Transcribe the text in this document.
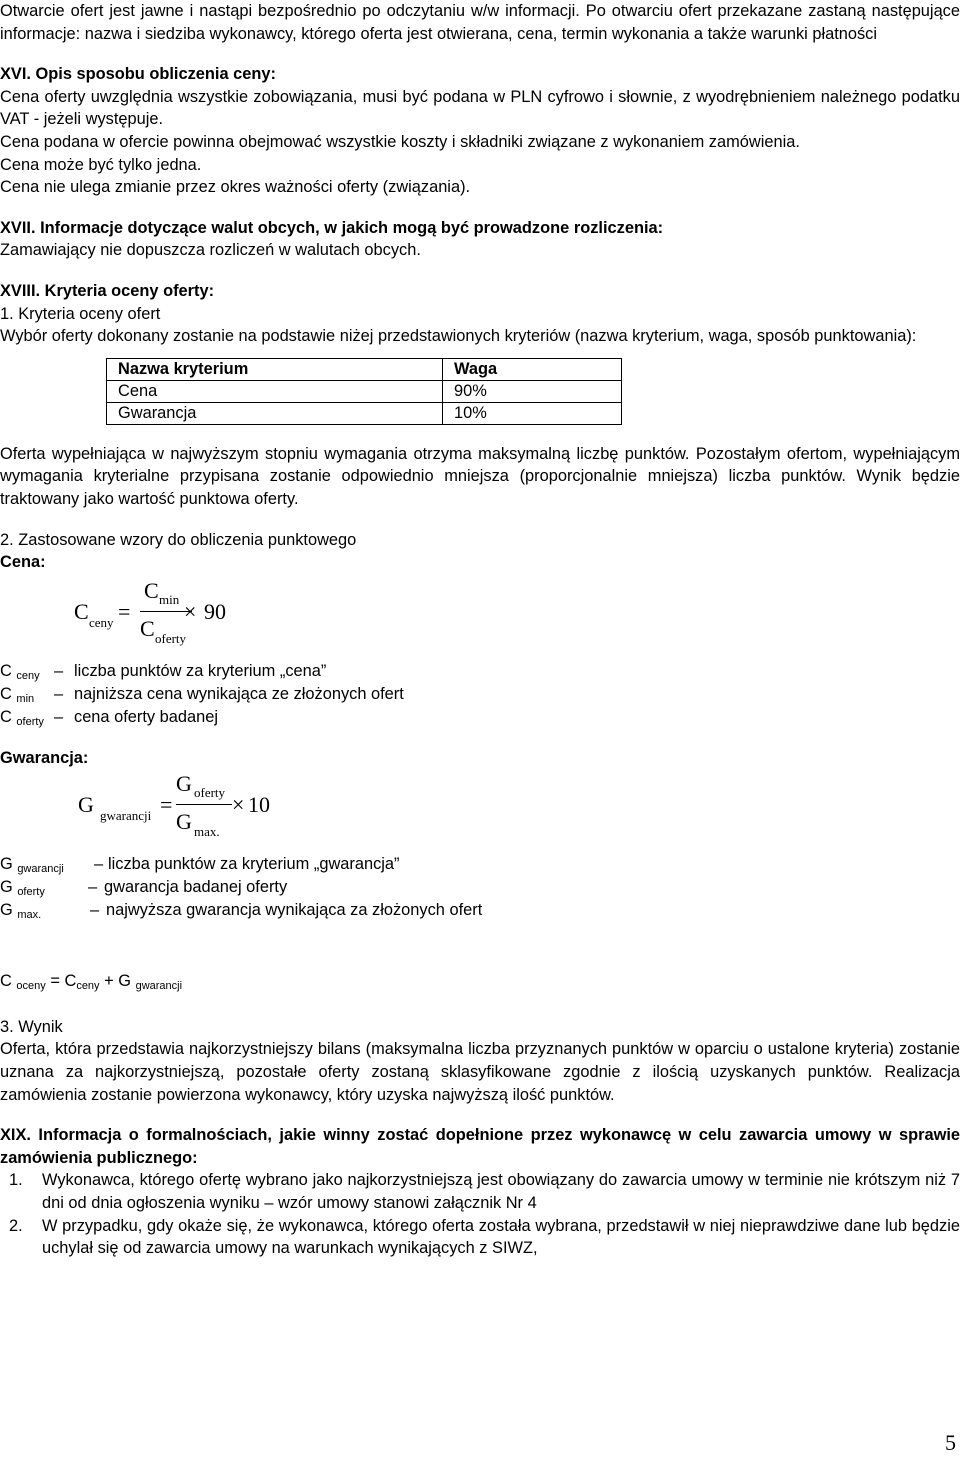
Otwarcie ofert jest jawne i nastąpi bezpośrednio po odczytaniu w/w informacji. Po otwarciu ofert przekazane zastaną następujące informacje: nazwa i siedziba wykonawcy, którego oferta jest otwierana, cena, termin wykonania a także warunki płatności

XVI. Opis sposobu obliczenia ceny:

Cena oferty uwzględnia wszystkie zobowiązania, musi być podana w PLN cyfrowo i słownie, z wyodrębnieniem należnego podatku VAT - jeżeli występuje.

Cena podana w ofercie powinna obejmować wszystkie koszty i składniki związane z wykonaniem zamówienia.

Cena może być tylko jedna.

Cena nie ulega zmianie przez okres ważności oferty (związania).

XVII. Informacje dotyczące walut obcych, w jakich mogą być prowadzone rozliczenia:

Zamawiający nie dopuszcza rozliczeń w walutach obcych.

XVIII. Kryteria oceny oferty:

1. Kryteria oceny ofert

Wybór oferty dokonany zostanie na podstawie niżej przedstawionych kryteriów (nazwa kryterium, waga, sposób punktowania):

Nazwa kryterium	Waga
Cena	90%
Gwarancja	10%

Oferta wypełniająca w najwyższym stopniu wymagania otrzyma maksymalną liczbę punktów. Pozostałym ofertom, wypełniającym wymagania kryterialne przypisana zostanie odpowiednio mniejsza (proporcjonalnie mniejsza) liczba punktów. Wynik będzie traktowany jako wartość punktowa oferty.

2. Zastosowane wzory do obliczenia punktowego

Cena:

C ceny =
C min
C oferty
× 90
C $_{ceny}$ – liczba punktów za kryterium „cena”
C $_{min}$ – najniższa cena wynikająca ze złożonych ofert
C $_{oferty}$ – cena oferty badanej

Gwarancja:

G gwarancji =
G oferty
G max.
× 10
G $_{gwarancji}$ – liczba punktów za kryterium „gwarancja”
G $_{oferty}$	– gwarancja badanej oferty
G $_{max.}$	– najwyższa gwarancja wynikająca za złożonych ofert

C $_{oceny} = C_{ceny} + G$ $_{gwarancji}$

3. Wynik

Oferta, która przedstawia najkorzystniejszy bilans (maksymalna liczba przyznanych punktów w oparciu o ustalone kryteria) zostanie uznana za najkorzystniejszą, pozostałe oferty zostaną sklasyfikowane zgodnie z ilością uzyskanych punktów. Realizacja zamówienia zostanie powierzona wykonawcy, który uzyska najwyższą ilość punktów.

XIX. Informacja o formalnościach, jakie winny zostać dopełnione przez wykonawcę w celu zawarcia umowy w sprawie zamówienia publicznego:

1. Wykonawca, którego ofertę wybrano jako najkorzystniejszą jest obowiązany do zawarcia umowy w terminie nie krótszym niż 7 dni od dnia ogłoszenia wyniku – wzór umowy stanowi załącznik Nr 4
2. W przypadku, gdy okaże się, że wykonawca, którego oferta została wybrana, przedstawił w niej nieprawdziwe dane lub będzie uchylał się od zawarcia umowy na warunkach wynikających z SIWZ,
5
